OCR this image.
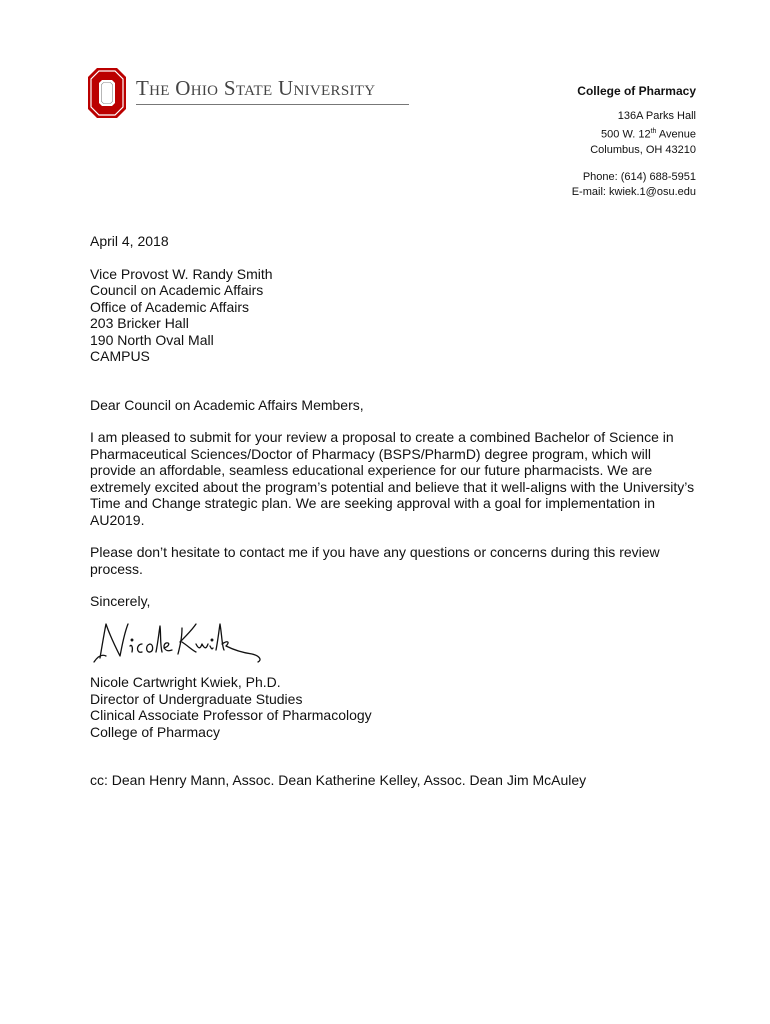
The Ohio State University	College of Pharmacy
136A Parks Hall
500 W. 12th Avenue
Columbus, OH 43210
Phone: (614) 688-5951
E-mail: kwiek.1@osu.edu

April 4, 2018

Vice Provost W. Randy Smith

Council on Academic Affairs

Office of Academic Affairs

203 Bricker Hall

190 North Oval Mall

CAMPUS

Dear Council on Academic Affairs Members,

I am pleased to submit for your review a proposal to create a combined Bachelor of Science in Pharmaceutical Sciences/Doctor of Pharmacy (BSPS/PharmD) degree program, which will provide an affordable, seamless educational experience for our future pharmacists. We are extremely excited about the program’s potential and believe that it well-aligns with the University’s Time and Change strategic plan. We are seeking approval with a goal for implementation in AU2019.

Please don’t hesitate to contact me if you have any questions or concerns during this review process.

Sincerely,

Nicole Cartwright Kwiek, Ph.D.
Director of Undergraduate Studies
Clinical Associate Professor of Pharmacology
College of Pharmacy
cc: Dean Henry Mann, Assoc. Dean Katherine Kelley, Assoc. Dean Jim McAuley
